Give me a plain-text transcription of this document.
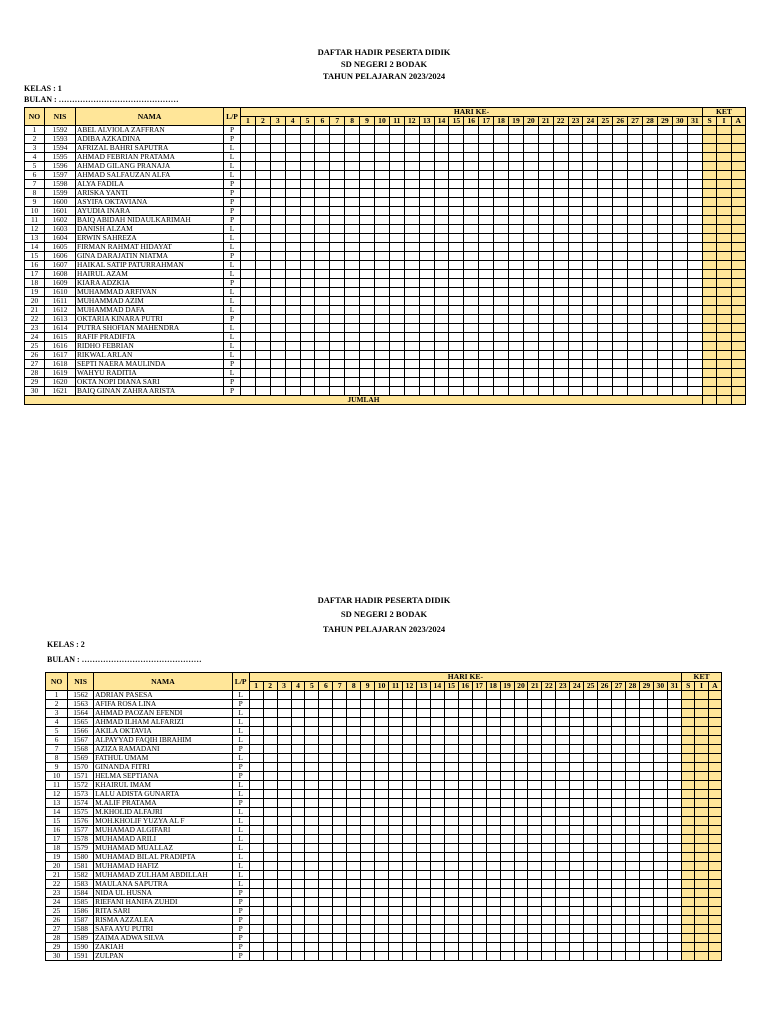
DAFTAR HADIR PESERTA DIDIK
SD NEGERI 2 BODAK
TAHUN PELAJARAN 2023/2024
KELAS : 1
BULAN : ………………………………………
NO	NIS	NAMA	L/P	HARI KE-																															KET		
				1	2	3	4	5	6	7	8	9	10	11	12	13	14	15	16	17	18	19	20	21	22	23	24	25	26	27	28	29	30	31	S	I	A
1	1592	ABEL ALVIOLA ZAFFRAN	P																																		
2	1593	ADIBA AZKADINA	P																																		
3	1594	AFRIZAL BAHRI SAPUTRA	L																																		
4	1595	AHMAD FEBRIAN PRATAMA	L																																		
5	1596	AHMAD GILANG PRANAJA	L																																		
6	1597	AHMAD SALFAUZAN ALFA	L																																		
7	1598	ALYA FADILA	P																																		
8	1599	ARISKA YANTI	P																																		
9	1600	ASYIFA OKTAVIANA	P																																		
10	1601	AYUDIA INARA	P																																		
11	1602	BAIQ ABIDAH NIDAULKARIMAH	P																																		
12	1603	DANISH ALZAM	L																																		
13	1604	ERWIN SAHREZA	L																																		
14	1605	FIRMAN RAHMAT HIDAYAT	L																																		
15	1606	GINA DARAJATIN NIATMA	P																																		
16	1607	HAIKAL SATIP PATURRAHMAN	L																																		
17	1608	HAIRUL AZAM	L																																		
18	1609	KIARA ADZKIA	P																																		
19	1610	MUHAMMAD ARFIVAN	L																																		
20	1611	MUHAMMAD AZIM	L																																		
21	1612	MUHAMMAD DAFA	L																																		
22	1613	OKTARIA KINARA PUTRI	P																																		
23	1614	PUTRA SHOFIAN MAHENDRA	L																																		
24	1615	RAFIF PRADIFTA	L																																		
25	1616	RIDHO FEBRIAN	L																																		
26	1617	RIKWAL ARLAN	L																																		
27	1618	SEPTI NAERA MAULINDA	P																																		
28	1619	WAHYU RADITIA	L																																		
29	1620	OKTA NOPI DIANA SARI	P																																		
30	1621	BAIQ GINAN ZAHRA ARISTA	P																																		
JUMLAH																																					
DAFTAR HADIR PESERTA DIDIK
SD NEGERI 2 BODAK
TAHUN PELAJARAN 2023/2024
KELAS : 2
BULAN : ………………………………………
NO	NIS	NAMA	L/P	HARI KE-																															KET		
				1	2	3	4	5	6	7	8	9	10	11	12	13	14	15	16	17	18	19	20	21	22	23	24	25	26	27	28	29	30	31	S	I	A
1	1562	ADRIAN PASESA	L																																		
2	1563	AFIFA ROSA LINA	P																																		
3	1564	AHMAD PAOZAN EFENDI	L																																		
4	1565	AHMAD ILHAM ALFARIZI	L																																		
5	1566	AKILA OKTAVIA	L																																		
6	1567	ALPAYYAD FAQIH IBRAHIM	L																																		
7	1568	AZIZA RAMADANI	P																																		
8	1569	FATHUL UMAM	L																																		
9	1570	GINANDA FITRI	P																																		
10	1571	HELMA SEPTIANA	P																																		
11	1572	KHAIRUL IMAM	L																																		
12	1573	LALU ADISTA GUNARTA	L																																		
13	1574	M.ALIF PRATAMA	P																																		
14	1575	M.KHOLID ALFAJRI	L																																		
15	1576	MOH.KHOLIF YUZYA AL F	L																																		
16	1577	MUHAMAD ALGIFARI	L																																		
17	1578	MUHAMAD ARILI	L																																		
18	1579	MUHAMAD MUALLAZ	L																																		
19	1580	MUHAMAD BILAL PRADIPTA	L																																		
20	1581	MUHAMAD HAFIZ	L																																		
21	1582	MUHAMAD ZULHAM ABDILLAH	L																																		
22	1583	MAULANA SAPUTRA	L																																		
23	1584	NIDA UL HUSNA	P																																		
24	1585	RIEFANI HANIFA ZUHDI	P																																		
25	1586	RITA SARI	P																																		
26	1587	RISMA AZZALEA	P																																		
27	1588	SAFA AYU PUTRI	P																																		
28	1589	ZAIMA ADWA SILVA	P																																		
29	1590	ZAKIAH	P																																		
30	1591	ZULPAN	P																																		
